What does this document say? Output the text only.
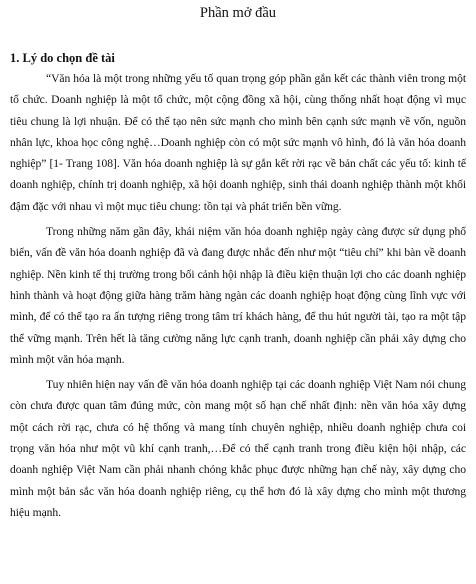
Phần mở đầu
1. Lý do chọn đề tài

“Văn hóa là một trong những yếu tố quan trọng góp phần gắn kết các thành viên trong một tổ chức. Doanh nghiệp là một tổ chức, một cộng đồng xã hội, cùng thống nhất hoạt động vì mục tiêu chung là lợi nhuận. Để có thể tạo nên sức mạnh cho mình bên cạnh sức mạnh về vốn, nguồn nhân lực, khoa học công nghệ…Doanh nghiệp còn có một sức mạnh vô hình, đó là văn hóa doanh nghiệp” [1- Trang 108]. Văn hóa doanh nghiệp là sự gắn kết rời rạc về bản chất các yếu tố: kinh tế doanh nghiệp, chính trị doanh nghiệp, xã hội doanh nghiệp, sinh thái doanh nghiệp thành một khối đậm đặc với nhau vì một mục tiêu chung: tồn tại và phát triển bền vững.

Trong những năm gần đây, khái niệm văn hóa doanh nghiệp ngày càng được sử dụng phổ biến, vấn đề văn hóa doanh nghiệp đã và đang được nhắc đến như một “tiêu chí” khi bàn về doanh nghiệp. Nền kinh tế thị trường trong bối cảnh hội nhập là điều kiện thuận lợi cho các doanh nghiệp hình thành và hoạt động giữa hàng trăm hàng ngàn các doanh nghiệp hoạt động cùng lĩnh vực với mình, để có thể tạo ra ấn tượng riêng trong tâm trí khách hàng, để thu hút người tài, tạo ra một tập thể vững mạnh. Trên hết là tăng cường năng lực cạnh tranh, doanh nghiệp cần phải xây dựng cho mình một văn hóa mạnh.

Tuy nhiên hiện nay vấn đề văn hóa doanh nghiệp tại các doanh nghiệp Việt Nam nói chung còn chưa được quan tâm đúng mức, còn mang một số hạn chế nhất định: nền văn hóa xây dựng một cách rời rạc, chưa có hệ thống và mang tính chuyên nghiệp, nhiều doanh nghiệp chưa coi trọng văn hóa như một vũ khí cạnh tranh,…Để có thể cạnh tranh trong điều kiện hội nhập, các doanh nghiệp Việt Nam cần phải nhanh chóng khắc phục được những hạn chế này, xây dựng cho mình một bản sắc văn hóa doanh nghiệp riêng, cụ thể hơn đó là xây dựng cho mình một thương hiệu mạnh.
